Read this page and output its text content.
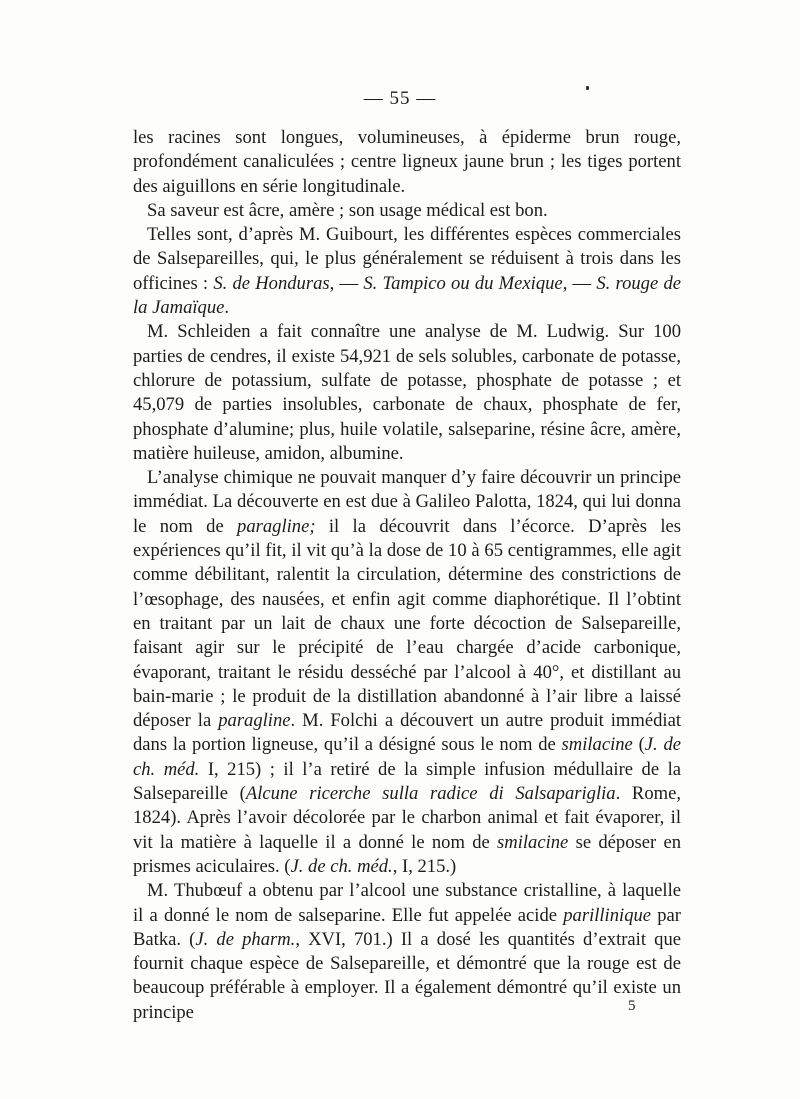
— 55 —

les racines sont longues, volumineuses, à épiderme brun rouge, profondément canaliculées ; centre ligneux jaune brun ; les tiges portent des aiguillons en série longitudinale.

Sa saveur est âcre, amère ; son usage médical est bon.

Telles sont, d’après M. Guibourt, les différentes espèces commerciales de Salsepareilles, qui, le plus généralement se réduisent à trois dans les officines : S. de Honduras, — S. Tampico ou du Mexique, — S. rouge de la Jamaïque.

M. Schleiden a fait connaître une analyse de M. Ludwig. Sur 100 parties de cendres, il existe 54,921 de sels solubles, carbonate de potasse, chlorure de potassium, sulfate de potasse, phosphate de potasse ; et 45,079 de parties insolubles, carbonate de chaux, phosphate de fer, phosphate d’alumine; plus, huile volatile, salseparine, résine âcre, amère, matière huileuse, amidon, albumine.

L’analyse chimique ne pouvait manquer d’y faire découvrir un principe immédiat. La découverte en est due à Galileo Palotta, 1824, qui lui donna le nom de paragline; il la découvrit dans l’écorce. D’après les expériences qu’il fit, il vit qu’à la dose de 10 à 65 centigrammes, elle agit comme débilitant, ralentit la circulation, détermine des constrictions de l’œsophage, des nausées, et enfin agit comme diaphorétique. Il l’obtint en traitant par un lait de chaux une forte décoction de Salsepareille, faisant agir sur le précipité de l’eau chargée d’acide carbonique, évaporant, traitant le résidu desséché par l’alcool à 40°, et distillant au bain-marie ; le produit de la distillation abandonné à l’air libre a laissé déposer la paragline. M. Folchi a découvert un autre produit immédiat dans la portion ligneuse, qu’il a désigné sous le nom de smilacine (J. de ch. méd. I, 215) ; il l’a retiré de la simple infusion médullaire de la Salsepareille (Alcune ricerche sulla radice di Salsapariglia. Rome, 1824). Après l’avoir décolorée par le charbon animal et fait évaporer, il vit la matière à laquelle il a donné le nom de smilacine se déposer en prismes aciculaires. (J. de ch. méd., I, 215.)

M. Thubœuf a obtenu par l’alcool une substance cristalline, à laquelle il a donné le nom de salseparine. Elle fut appelée acide parillinique par Batka. (J. de pharm., XVI, 701.) Il a dosé les quantités d’extrait que fournit chaque espèce de Salsepareille, et démontré que la rouge est de beaucoup préférable à employer. Il a également démontré qu’il existe un principe	5
